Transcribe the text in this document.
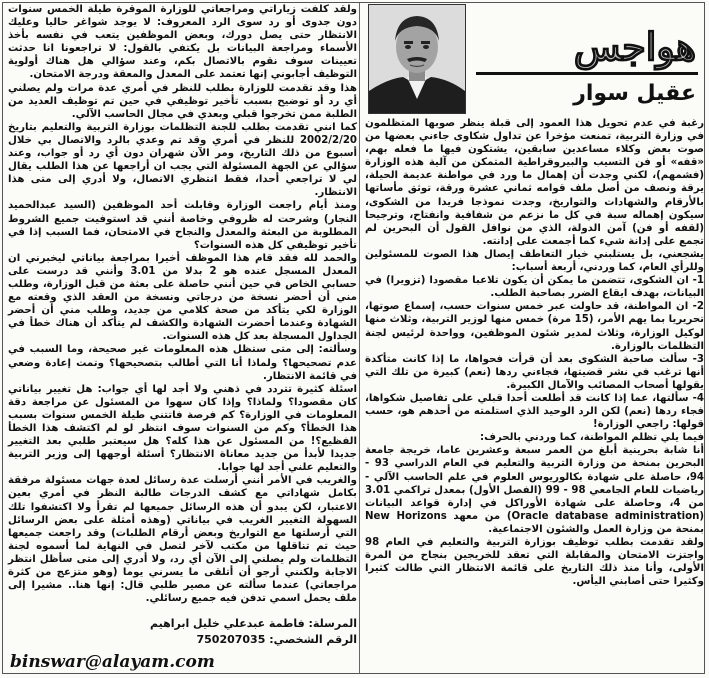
ولقد كلفت زياراتي ومراجعاتي للوزارة الموقرة طيلة الخمس سنوات دون جدوى أو رد سوى الرد المعروف: لا يوجد شواغر حاليا وعليك الانتظار حتى يصل دورك، وبعض الموظفين يتعب في نفسه بأخذ الأسماء ومراجعة البيانات بل يكتفي بالقول: لا تراجعونا انا حدثت تعيينات سوف نقوم بالاتصال بكم، وعند سؤالي هل هناك أولوية التوظيف أجابوني إنها تعتمد على المعدل والمعقة ودرجة الامتحان.

هذا وقد تقدمت للوزارة بطلب للنظر في أمري عدة مرات ولم يصلني أي رد أو توضيح بسبب تأخير توظيفي في حين تم توظيف العديد من الطلبة ممن تخرجوا قبلي وبعدي في مجال الحاسب الآلي.

كما انني تقدمت بطلب للجنة التظلمات بوزارة التربية والتعليم بتاريخ 2002/2/20 للنظر في أمري وقد تم وعدي بالرد والاتصال بي خلال أسبوع من ذلك التاريخ، ومر الآن شهران دون أي رد أو جواب، وعند سؤالي عن الجهة المسئولة التي يجب ان أراجعها عن هذا الطلب يقال لي لا تراجعي أحدا، فقط انتظري الاتصال، ولا أدري إلى متى هذا الانتظار.

ومنذ أيام راجعت الوزارة وقابلت أحد الموظفين (السيد عبدالحميد النجار) وشرحت له ظروفي وخاصة أنني قد استوفيت جميع الشروط المطلوبة من البعثة والمعدل والنجاح في الامتحان، فما السبب إذا في تأخير توظيفي كل هذه السنوات؟

والحمد لله فقد قام هذا الموظف أخيرا بمراجعة بياناتي ليخبرني ان المعدل المسجل عنده هو 2 بدلا من 3.01 وأنني قد درست على حسابي الخاص في حين أنني حاصلة على بعثة من قبل الوزارة، وطلب مني أن أحضر نسخة من درجاتي ونسخة من العقد الذي وقعته مع الوزارة لكي يتأكد من صحة كلامي من جديد، وطلب مني أن أحضر الشهادة وعندما أحضرت الشهادة والكشف لم يتأكد أن هناك خطأ في الجداول المسجلة بعد كل هذه السنوات.

وسألته: إلى متى ستظل هذه المعلومات غير صحيحة، وما السبب في عدم تصحيحها؟ ولماذا أنا التي أطالب بتصحيحها؟ وتمت إعادة وضعي في قائمة الانتظار.

اسئلة كثيرة تتردد في ذهني ولا أجد لها أي جواب: هل تغيير بياناتي كان مقصودا؟ ولماذا؟ وإذا كان سهوا من المسئول عن مراجعة دقة المعلومات في الوزارة؟ كم فرصة فاتتني طيلة الخمس سنوات بسبب هذا الخطأ؟ وكم من السنوات سوف انتظر لو لم اكتشف هذا الخطأ الفظيع؟! من المسئول عن هذا كله؟ هل سيعتبر طلبي بعد التغيير جديدا لأبدأ من جديد معاناة الانتظار؟ أسئلة أوجهها إلى وزير التربية والتعليم علني أجد لها جوابا.

والغريب في الأمر أنني أرسلت عدة رسائل لعدة جهات مسئولة مرفقة بكامل شهاداتي مع كشف الدرجات طالبة النظر في أمري بعين الاعتبار، لكن يبدو أن هذه الرسائل جميعها لم تقرأ ولا اكتشفوا تلك السهولة التغيير الغريب في بياناتي (وهذه أمثلة على بعض الرسائل التي أرسلتها مع التواريخ وبعض أرقام الطلبات) وقد راجعت جميعها حيث تم تناقلها من مكتب لآخر لتصل في النهاية لما أسموه لجنة التظلمات ولم يصلني إلى الآن أي رد، ولا أدري إلى متى سأظل انتظر الاجابة ولكنني أرجو أن أتلقى ما يسرني يوما (وهو متزعج من كثرة مراجعاتي) عندما سألته عن مصير طلبي قال: إنها هنا.. مشيرا إلى ملف يحمل اسمي تدفن فيه جميع رسائلي.

المرسلة: فاطمة عبدعلي خليل ابراهيم
الرقم الشخصي: 750207035
binswar@alayam.com
هواجس
عقيل سوار

رغبة في عدم تحويل هذا العمود إلى قبلة ينظر صوبها المتظلمون في وزارة التربية، تمنعت مؤخرا عن تداول شكاوى جاءني بعضها من صوت بعض وكلاء مساعدين سابقين، يشتكون فيها ما فعله بهم، «قفه» أو فن التسيب والبيروقراطية المتمكن من آلية هذه الوزارة (فشمهم)، لكني وجدت أن إهمال ما ورد في مواطنة عديمة الحيلة، يرقة ونصف من أصل ملف قوامه ثماني عشرة ورقة، توثق مأساتها بالأرقام والشهادات والتواريخ، وجدت نموذجا فريدا من الشكوى، سيكون إهماله سبة في كل ما نزعم من شفافية وانفتاح، وترجيحا (لقفه أو فن) آمن الدولة، الذي من نوافل القول أن البحرين لم تجمع على إدانة شيء كما أجمعت على إدانته.

يشجعني، بل يستلبني خيار التعاطف إيصال هذا الصوت للمسئولين وللرأي العام، كما وردني، أربعة أسباب:

1- ان الشكوى، تتضمن ما يمكن أن يكون تلاعبا مقصودا (تزويرا) في البيانات، بهدف ايقاع الضرر بصاحبة الطلب.

2- ان المواطنة، قد حاولت عبر خمس سنوات حسب، إسماع صوتها، تحريريا بما يهم الأمر، (15 مرة) خمس منها لوزير التربية، وثلاث منها لوكيل الوزارة، وثلاث لمدير شئون الموظفين، وواحدة لرئيس لجنة التظلمات بالوزارة.

3- سألت صاحبة الشكوى بعد أن قرأت فحواها، ما إذا كانت متأكدة أنها ترغب في نشر قضيتها، فجاءني ردها (نعم) كبيرة من تلك التي يقولها أصحاب المصائب والآمال الكبيرة.

4- سألتها، عما إذا كانت قد أطلعت أحدا قبلي على تفاصيل شكواها، فجاء ردها (نعم) لكن الرد الوحيد الذي استلمته من أحدهم هو، حسب قولها: راجعي الوزارة!

فيما يلي تظلم المواطنة، كما وردني بالحرف:

أنا شابة بحرينية أبلغ من العمر سبعة وعشرين عاما، خريجة جامعة البحرين بمنحة من وزارة التربية والتعليم في العام الدراسي 93 - 94، حاصلة على شهادة بكالوريوس العلوم في علم الحاسب الآلي - رياضيات للعام الجامعي 98 - 99 (الفصل الأول) بمعدل تراكمي 3.01 من 4، وحاصلة على شهادة الأوراكل في إدارة قواعد البيانات (Oracle database administration) من معهد New Horizons بمنحة من وزارة العمل والشئون الاجتماعية.

ولقد تقدمت بطلب توظيف بوزارة التربية والتعليم في العام 98 واجتزت الامتحان والمقابلة التي تعقد للخريجين بنجاح من المرة الأولى، وأنا منذ ذلك التاريخ على قائمة الانتظار التي طالت كثيرا وكثيرا حتى أصابني اليأس.
